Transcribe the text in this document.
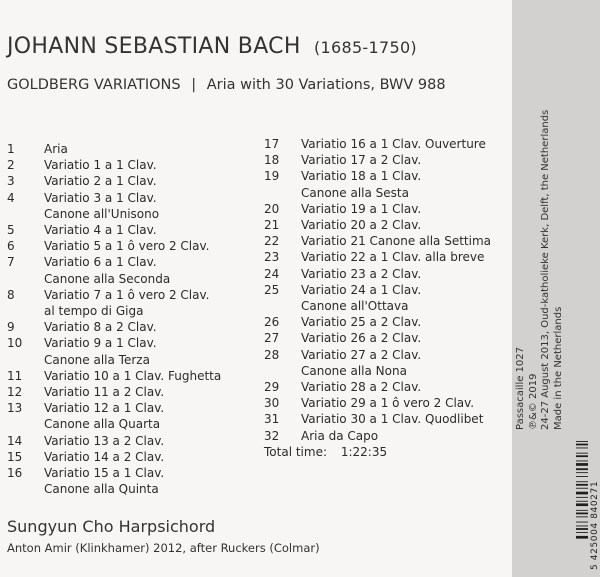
JOHANN SEBASTIAN BACH (1685-1750)
GOLDBERG VARIATIONS | Aria with 30 Variations, BWV 988
1	Aria
2	Variatio 1 a 1 Clav.
3	Variatio 2 a 1 Clav.
4	Variatio 3 a 1 Clav.
Canone all'Unisono
5	Variatio 4 a 1 Clav.
6	Variatio 5 a 1 ô vero 2 Clav.
7	Variatio 6 a 1 Clav.
Canone alla Seconda
8	Variatio 7 a 1 ô vero 2 Clav.
al tempo di Giga
9	Variatio 8 a 2 Clav.
10	Variatio 9 a 1 Clav.
Canone alla Terza
11	Variatio 10 a 1 Clav. Fughetta
12	Variatio 11 a 2 Clav.
13	Variatio 12 a 1 Clav.
Canone alla Quarta
14	Variatio 13 a 2 Clav.
15	Variatio 14 a 2 Clav.
16	Variatio 15 a 1 Clav.
Canone alla Quinta
17	Variatio 16 a 1 Clav. Ouverture
18	Variatio 17 a 2 Clav.
19	Variatio 18 a 1 Clav.
Canone alla Sesta
20	Variatio 19 a 1 Clav.
21	Variatio 20 a 2 Clav.
22	Variatio 21 Canone alla Settima
23	Variatio 22 a 1 Clav. alla breve
24	Variatio 23 a 2 Clav.
25	Variatio 24 a 1 Clav.
Canone all'Ottava
26	Variatio 25 a 2 Clav.
27	Variatio 26 a 2 Clav.
28	Variatio 27 a 2 Clav.
Canone alla Nona
29	Variatio 28 a 2 Clav.
30	Variatio 29 a 1 ô vero 2 Clav.
31	Variatio 30 a 1 Clav. Quodlibet
32	Aria da Capo
Total time: 1:22:35
Sungyun Cho Harpsichord
Anton Amir (Klinkhamer) 2012, after Ruckers (Colmar)
Passacaille 1027 ℗&© 2019 24-27 August 2013, Oud-katholieke Kerk, Delft, the Netherlands Made in the Netherlands
5 425004 840271
